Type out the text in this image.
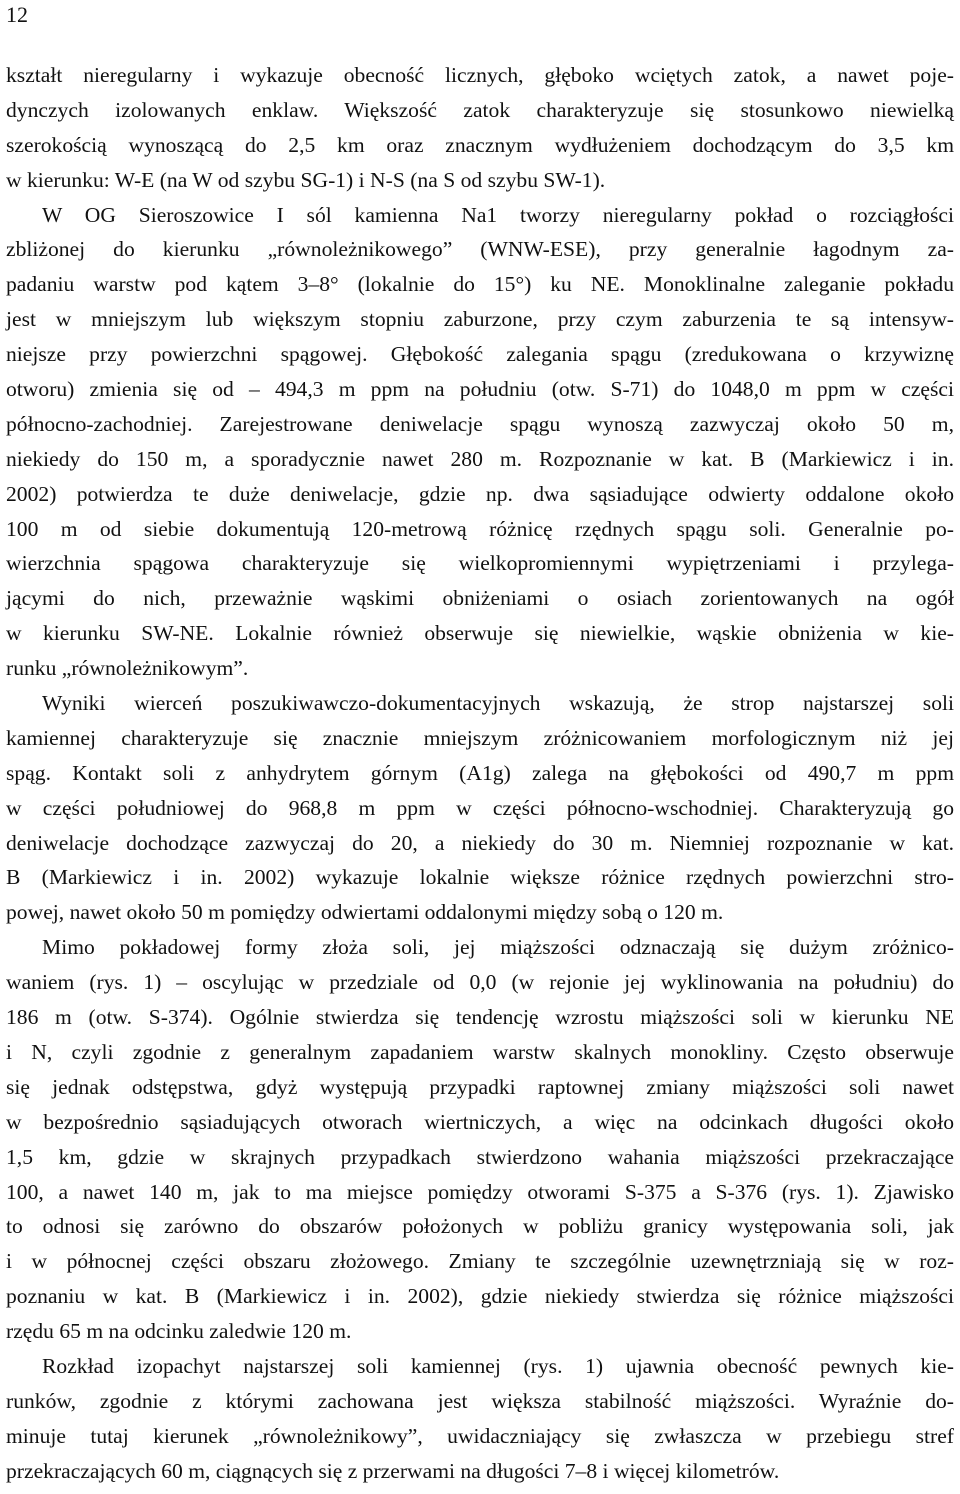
12
kształt nieregularny i wykazuje obecność licznych, głęboko wciętych zatok, a nawet poje-
dynczych izolowanych enklaw. Większość zatok charakteryzuje się stosunkowo niewielką
szerokością wynoszącą do 2,5 km oraz znacznym wydłużeniem dochodzącym do 3,5 km
w kierunku: W-E (na W od szybu SG-1) i N-S (na S od szybu SW-1).
W OG Sieroszowice I sól kamienna Na1 tworzy nieregularny pokład o rozciągłości
zbliżonej do kierunku „równoleżnikowego” (WNW-ESE), przy generalnie łagodnym za-
padaniu warstw pod kątem 3–8° (lokalnie do 15°) ku NE. Monoklinalne zaleganie pokładu
jest w mniejszym lub większym stopniu zaburzone, przy czym zaburzenia te są intensyw-
niejsze przy powierzchni spągowej. Głębokość zalegania spągu (zredukowana o krzywiznę
otworu) zmienia się od – 494,3 m ppm na południu (otw. S-71) do 1048,0 m ppm w części
północno-zachodniej. Zarejestrowane deniwelacje spągu wynoszą zazwyczaj około 50 m,
niekiedy do 150 m, a sporadycznie nawet 280 m. Rozpoznanie w kat. B (Markiewicz i in.
2002) potwierdza te duże deniwelacje, gdzie np. dwa sąsiadujące odwierty oddalone około
100 m od siebie dokumentują 120-metrową różnicę rzędnych spągu soli. Generalnie po-
wierzchnia spągowa charakteryzuje się wielkopromiennymi wypiętrzeniami i przylega-
jącymi do nich, przeważnie wąskimi obniżeniami o osiach zorientowanych na ogół
w kierunku SW-NE. Lokalnie również obserwuje się niewielkie, wąskie obniżenia w kie-
runku „równoleżnikowym”.
Wyniki wierceń poszukiwawczo-dokumentacyjnych wskazują, że strop najstarszej soli
kamiennej charakteryzuje się znacznie mniejszym zróżnicowaniem morfologicznym niż jej
spąg. Kontakt soli z anhydrytem górnym (A1g) zalega na głębokości od 490,7 m ppm
w części południowej do 968,8 m ppm w części północno-wschodniej. Charakteryzują go
deniwelacje dochodzące zazwyczaj do 20, a niekiedy do 30 m. Niemniej rozpoznanie w kat.
B (Markiewicz i in. 2002) wykazuje lokalnie większe różnice rzędnych powierzchni stro-
powej, nawet około 50 m pomiędzy odwiertami oddalonymi między sobą o 120 m.
Mimo pokładowej formy złoża soli, jej miąższości odznaczają się dużym zróżnico-
waniem (rys. 1) – oscylując w przedziale od 0,0 (w rejonie jej wyklinowania na południu) do
186 m (otw. S-374). Ogólnie stwierdza się tendencję wzrostu miąższości soli w kierunku NE
i N, czyli zgodnie z generalnym zapadaniem warstw skalnych monokliny. Często obserwuje
się jednak odstępstwa, gdyż występują przypadki raptownej zmiany miąższości soli nawet
w bezpośrednio sąsiadujących otworach wiertniczych, a więc na odcinkach długości około
1,5 km, gdzie w skrajnych przypadkach stwierdzono wahania miąższości przekraczające
100, a nawet 140 m, jak to ma miejsce pomiędzy otworami S-375 a S-376 (rys. 1). Zjawisko
to odnosi się zarówno do obszarów położonych w pobliżu granicy występowania soli, jak
i w północnej części obszaru złożowego. Zmiany te szczególnie uzewnętrzniają się w roz-
poznaniu w kat. B (Markiewicz i in. 2002), gdzie niekiedy stwierdza się różnice miąższości
rzędu 65 m na odcinku zaledwie 120 m.
Rozkład izopachyt najstarszej soli kamiennej (rys. 1) ujawnia obecność pewnych kie-
runków, zgodnie z którymi zachowana jest większa stabilność miąższości. Wyraźnie do-
minuje tutaj kierunek „równoleżnikowy”, uwidaczniający się zwłaszcza w przebiegu stref
przekraczających 60 m, ciągnących się z przerwami na długości 7–8 i więcej kilometrów.
